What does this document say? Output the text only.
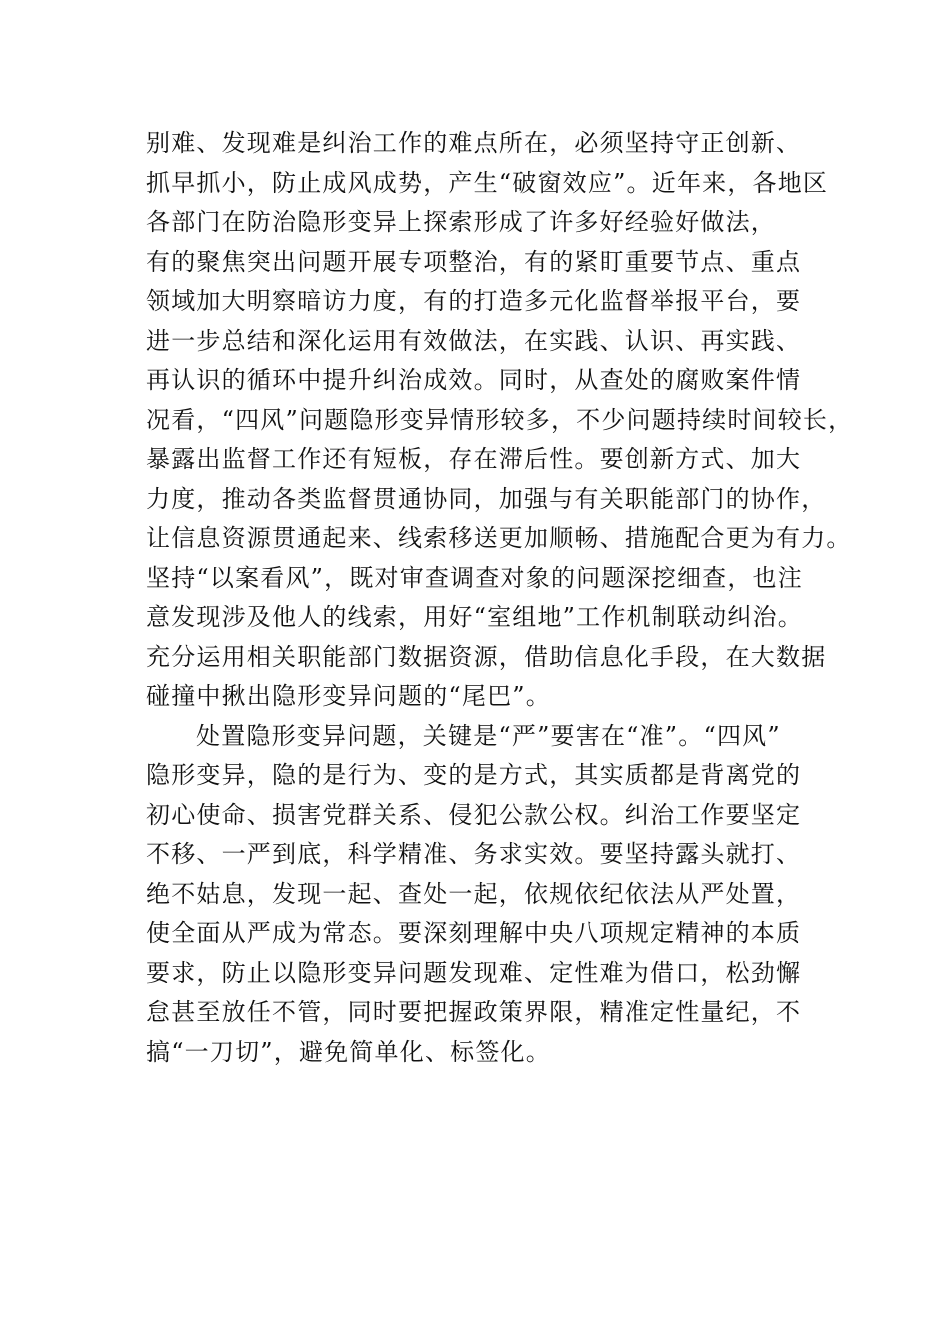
别难、发现难是纠治工作的难点所在，必须坚持守正创新、
抓早抓小，防止成风成势，产生“破窗效应”。近年来，各地区
各部门在防治隐形变异上探索形成了许多好经验好做法，
有的聚焦突出问题开展专项整治，有的紧盯重要节点、重点
领域加大明察暗访力度，有的打造多元化监督举报平台，要
进一步总结和深化运用有效做法，在实践、认识、再实践、
再认识的循环中提升纠治成效。同时，从查处的腐败案件情
况看，“四风”问题隐形变异情形较多，不少问题持续时间较长，
暴露出监督工作还有短板，存在滞后性。要创新方式、加大
力度，推动各类监督贯通协同，加强与有关职能部门的协作，
让信息资源贯通起来、线索移送更加顺畅、措施配合更为有力。
坚持“以案看风”，既对审查调查对象的问题深挖细查，也注
意发现涉及他人的线索，用好“室组地”工作机制联动纠治。
充分运用相关职能部门数据资源，借助信息化手段，在大数据
碰撞中揪出隐形变异问题的“尾巴”。
处置隐形变异问题，关键是“严”要害在“准”。“四风”
隐形变异，隐的是行为、变的是方式，其实质都是背离党的
初心使命、损害党群关系、侵犯公款公权。纠治工作要坚定
不移、一严到底，科学精准、务求实效。要坚持露头就打、
绝不姑息，发现一起、查处一起，依规依纪依法从严处置，
使全面从严成为常态。要深刻理解中央八项规定精神的本质
要求，防止以隐形变异问题发现难、定性难为借口，松劲懈
怠甚至放任不管，同时要把握政策界限，精准定性量纪，不
搞“一刀切”，避免简单化、标签化。
